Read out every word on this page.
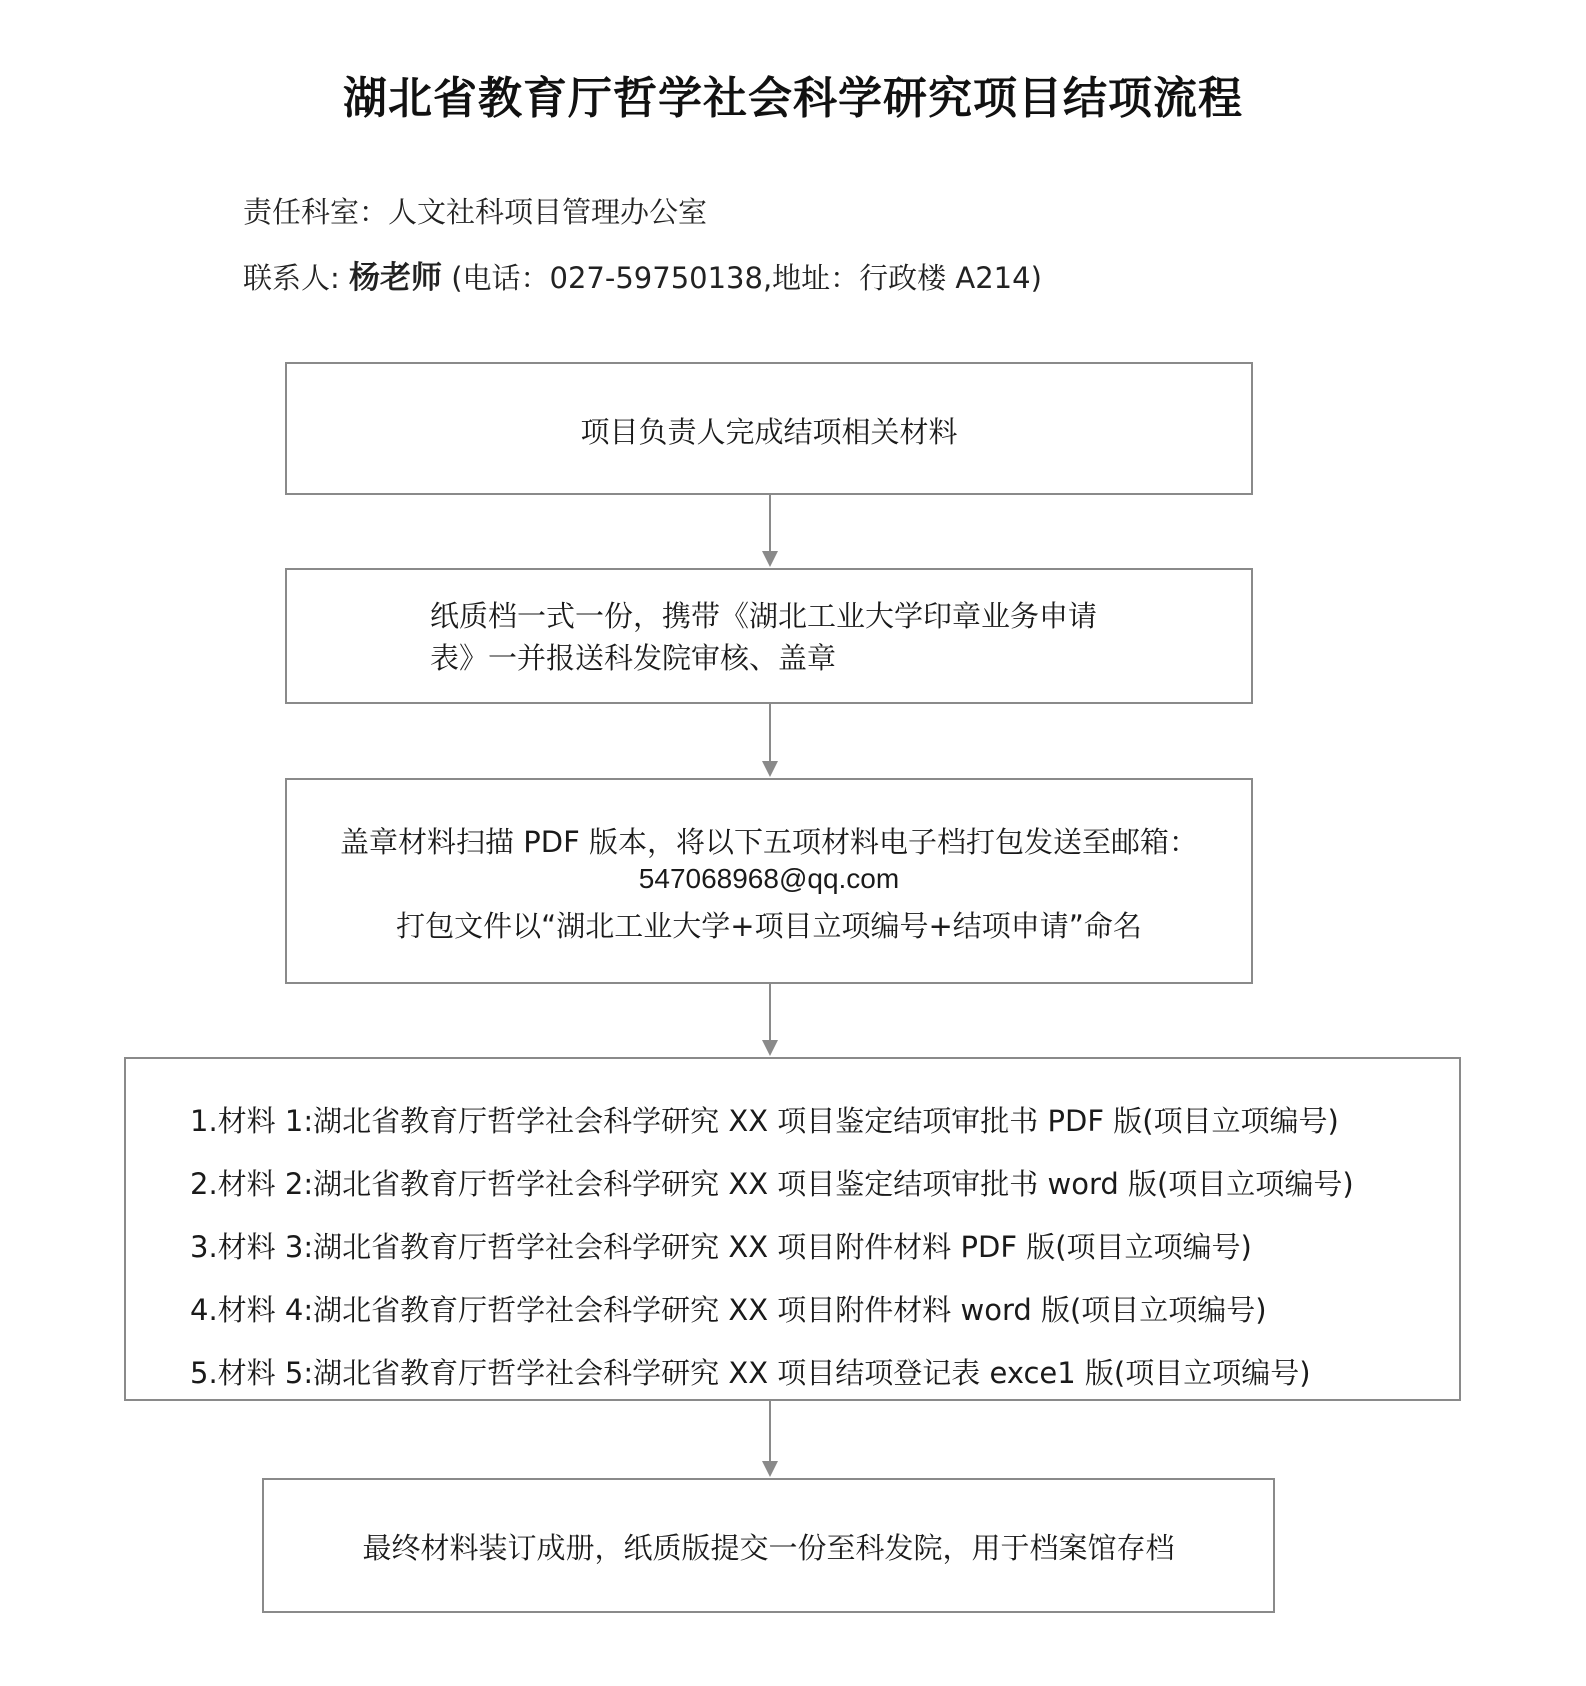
湖北省教育厅哲学社会科学研究项目结项流程
责任科室：人文社科项目管理办公室
联系人: 杨老师 (电话：027-59750138,地址：行政楼 A214)
项目负责人完成结项相关材料
纸质档一式一份，携带《湖北工业大学印章业务申请
表》一并报送科发院审核、盖章
盖章材料扫描 PDF 版本，将以下五项材料电子档打包发送至邮箱：
547068968@qq.com
打包文件以“湖北工业大学+项目立项编号+结项申请”命名
1.材料 1:湖北省教育厅哲学社会科学研究 XX 项目鉴定结项审批书 PDF 版(项目立项编号)
2.材料 2:湖北省教育厅哲学社会科学研究 XX 项目鉴定结项审批书 word 版(项目立项编号)
3.材料 3:湖北省教育厅哲学社会科学研究 XX 项目附件材料 PDF 版(项目立项编号)
4.材料 4:湖北省教育厅哲学社会科学研究 XX 项目附件材料 word 版(项目立项编号)
5.材料 5:湖北省教育厅哲学社会科学研究 XX 项目结项登记表 exce1 版(项目立项编号)
最终材料装订成册，纸质版提交一份至科发院，用于档案馆存档
